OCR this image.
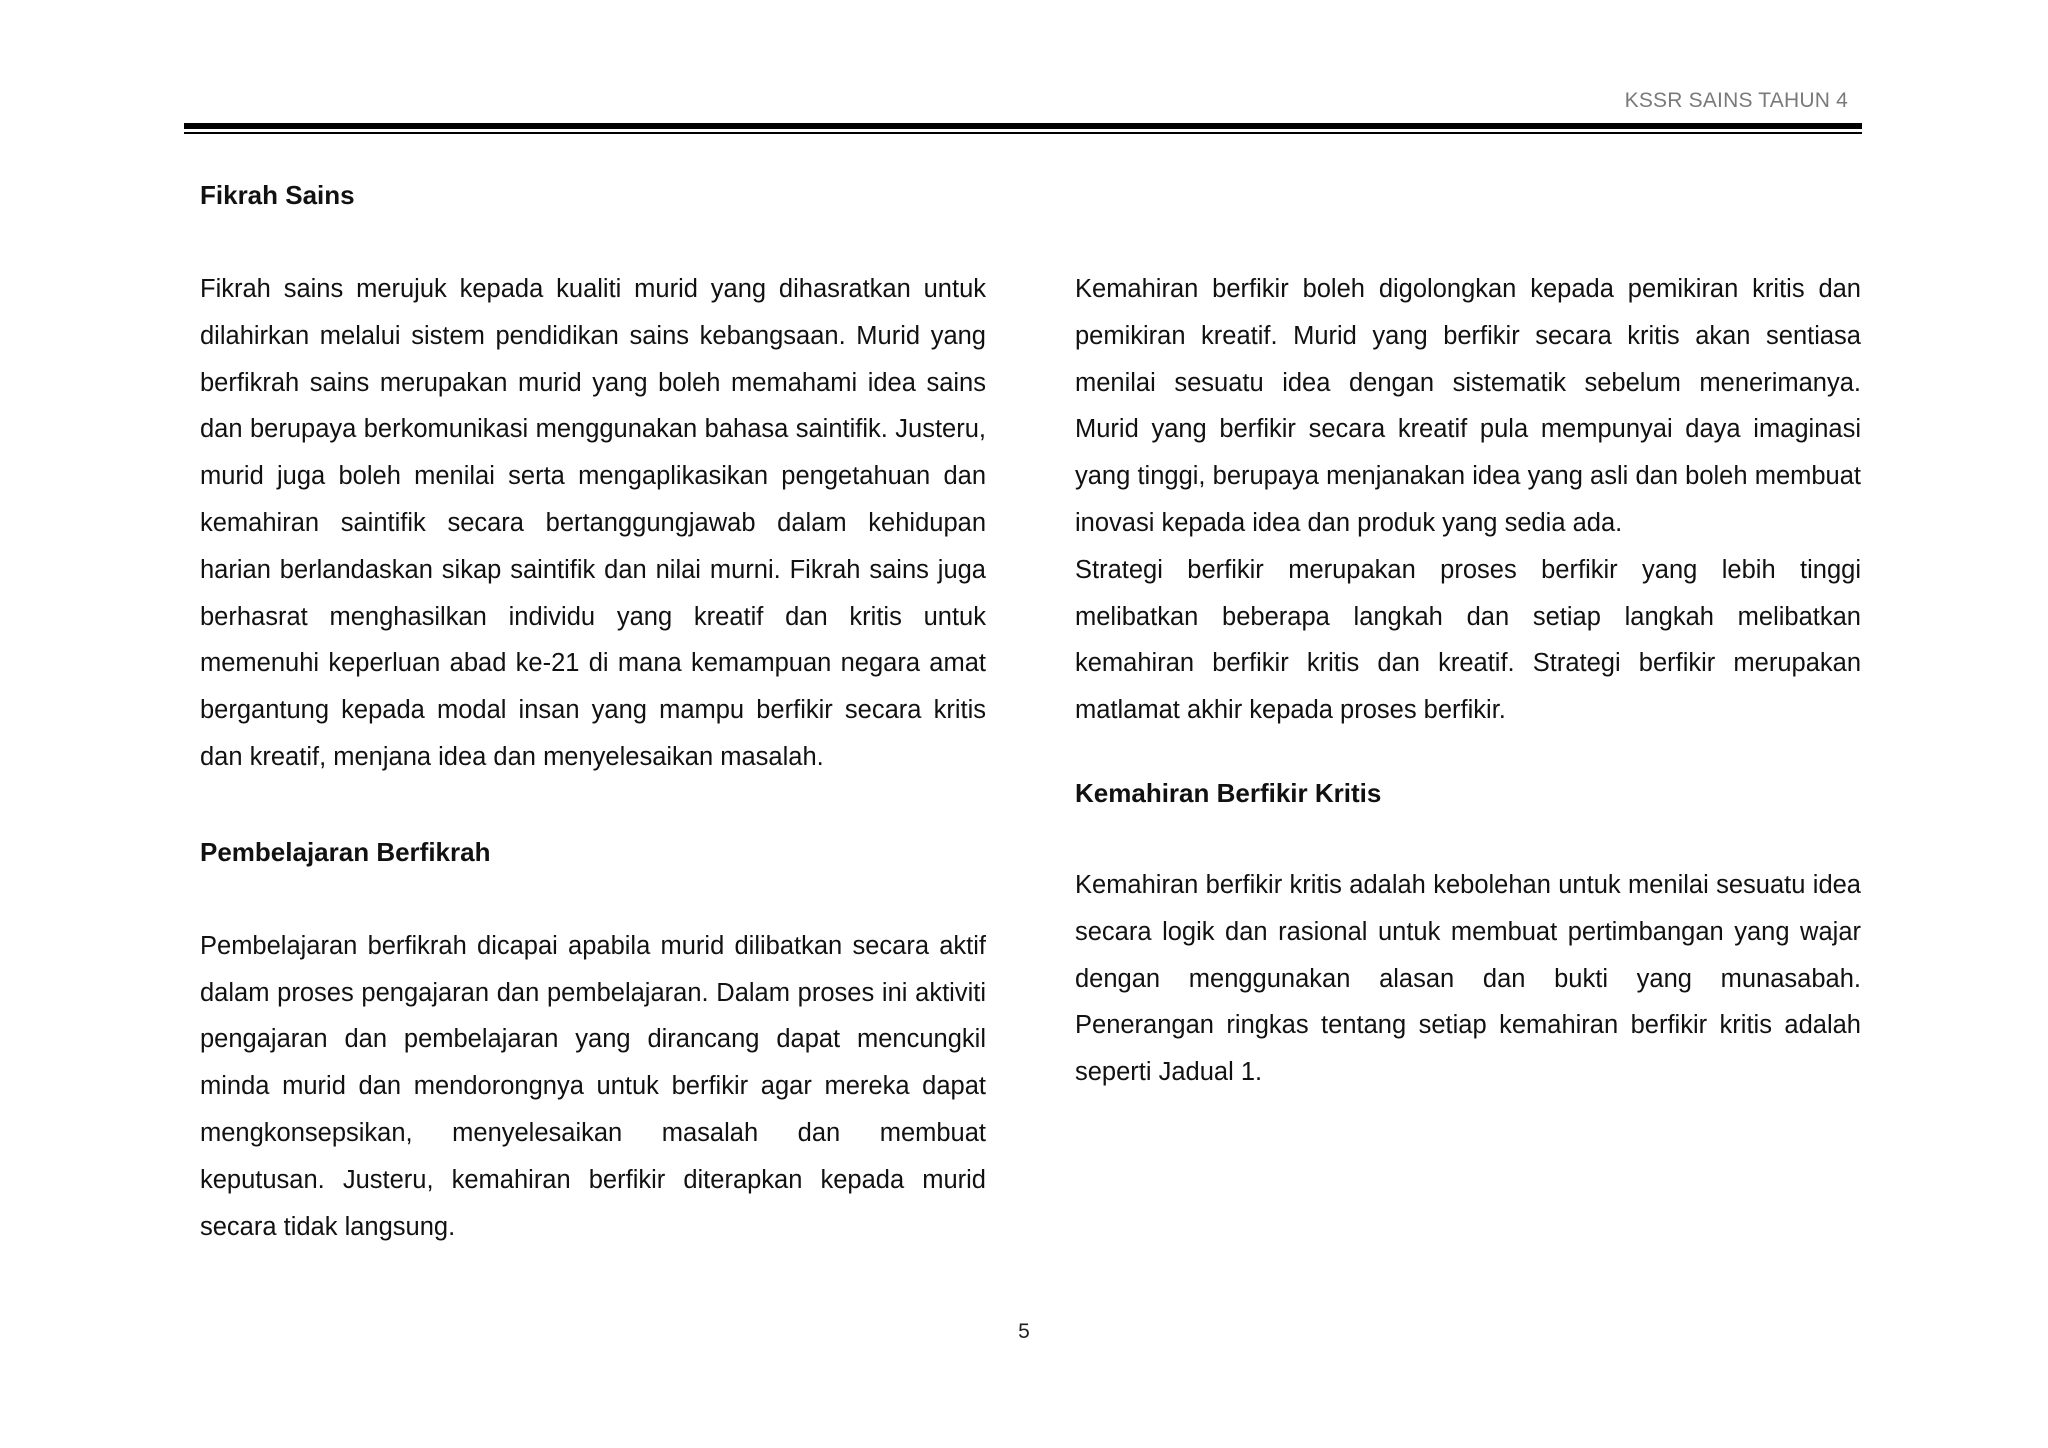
KSSR SAINS TAHUN 4
Fikrah Sains

Fikrah sains merujuk kepada kualiti murid yang dihasratkan untuk dilahirkan melalui sistem pendidikan sains kebangsaan. Murid yang berfikrah sains merupakan murid yang boleh memahami idea sains dan berupaya berkomunikasi menggunakan bahasa saintifik. Justeru, murid juga boleh menilai serta mengaplikasikan pengetahuan dan kemahiran saintifik secara bertanggungjawab dalam kehidupan harian berlandaskan sikap saintifik dan nilai murni. Fikrah sains juga berhasrat menghasilkan individu yang kreatif dan kritis untuk memenuhi keperluan abad ke-21 di mana kemampuan negara amat bergantung kepada modal insan yang mampu berfikir secara kritis dan kreatif, menjana idea dan menyelesaikan masalah.

Pembelajaran Berfikrah

Pembelajaran berfikrah dicapai apabila murid dilibatkan secara aktif dalam proses pengajaran dan pembelajaran. Dalam proses ini aktiviti pengajaran dan pembelajaran yang dirancang dapat mencungkil minda murid dan mendorongnya untuk berfikir agar mereka dapat mengkonsepsikan, menyelesaikan masalah dan membuat keputusan. Justeru, kemahiran berfikir diterapkan kepada murid secara tidak langsung.

Kemahiran berfikir boleh digolongkan kepada pemikiran kritis dan pemikiran kreatif. Murid yang berfikir secara kritis akan sentiasa menilai sesuatu idea dengan sistematik sebelum menerimanya. Murid yang berfikir secara kreatif pula mempunyai daya imaginasi yang tinggi, berupaya menjanakan idea yang asli dan boleh membuat inovasi kepada idea dan produk yang sedia ada.

Strategi berfikir merupakan proses berfikir yang lebih tinggi melibatkan beberapa langkah dan setiap langkah melibatkan kemahiran berfikir kritis dan kreatif. Strategi berfikir merupakan matlamat akhir kepada proses berfikir.

Kemahiran Berfikir Kritis

Kemahiran berfikir kritis adalah kebolehan untuk menilai sesuatu idea secara logik dan rasional untuk membuat pertimbangan yang wajar dengan menggunakan alasan dan bukti yang munasabah. Penerangan ringkas tentang setiap kemahiran berfikir kritis adalah seperti Jadual 1.

5
